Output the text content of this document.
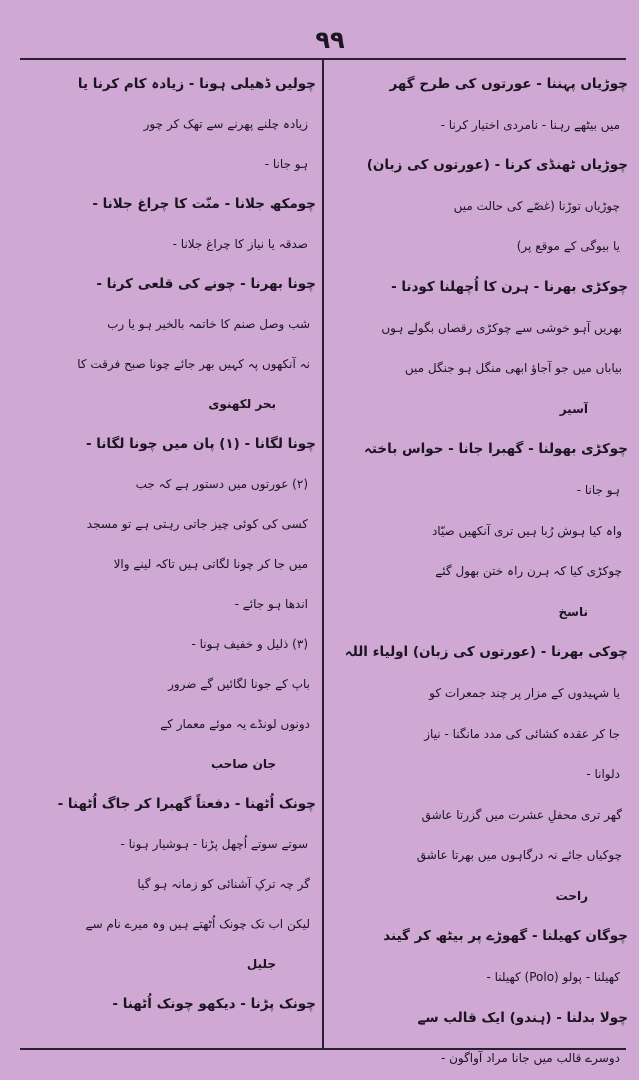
۹۹

چوڑیاں پہننا - عورتوں کی طرح گھر

میں بیٹھے رہنا - نامردی اختیار کرنا -

چوڑیاں ٹھنڈی کرنا - (عورتوں کی زبان)

چوڑیاں توڑنا (غصّے کی حالت میں

یا بیوگی کے موقع پر)

چوکڑی بھرنا - ہرن کا اُچھلنا کودنا -

بھریں آہو خوشی سے چوکڑی رقصاں بگولے ہوں

بیاباں میں جو آجاؤ ابھی منگل ہو جنگل میں

آسیر

چوکڑی بھولنا - گھبرا جانا - حواس باختہ

ہو جانا -

واہ کیا ہوش رُبا ہیں تری آنکھیں صیّاد

چوکڑی کیا کہ ہرن راہ ختن بھول گئے

ناسخ

چوکی بھرنا - (عورتوں کی زبان) اولیاء اللہ

یا شہیدوں کے مزار پر چند جمعرات کو

جا کر عقدہ کشائی کی مدد مانگنا - نیاز

دلوانا -

گھر تری محفلِ عشرت میں گزرتا عاشق

چوکیاں جائے نہ درگاہوں میں بھرتا عاشق

راحت

چوگان کھیلنا - گھوڑے پر بیٹھ کر گیند

کھیلنا - پولو (Polo) کھیلنا -

چولا بدلنا - (ہندو) ایک قالب سے

دوسرے قالب میں جانا مراد آواگون -

چولیں ڈھیلی ہونا - زیادہ کام کرنا یا

زیادہ چلنے پھرنے سے تھک کر چور

ہو جانا -

چومکھ جلانا - منّت کا چراغ جلانا -

صدقہ یا نیاز کا چراغ جلانا -

چونا بھرنا - چونے کی قلعی کرنا -

شب وصل صنم کا خاتمہ بالخیر ہو یا رب

نہ آنکھوں پہ کہیں بھر جائے چونا صبح فرقت کا

بحر لکھنوی

چونا لگانا - (۱) پان میں چونا لگانا -

(۲) عورتوں میں دستور ہے کہ جب

کسی کی کوئی چیز جاتی رہتی ہے تو مسجد

میں جا کر چونا لگاتی ہیں تاکہ لینے والا

اندھا ہو جائے -

(۳) ذلیل و خفیف ہونا -

باپ کے جونا لگائیں گے ضرور

دونوں لونڈے یہ موئے معمار کے

جان صاحب

چونک اُٹھنا - دفعتاً گھبرا کر جاگ اُٹھنا -

سوتے سوتے اُچھل پڑنا - ہوشیار ہونا -

گر چہ ترکِ آشنائی کو زمانہ ہو گیا

لیکن اب تک چونک اُٹھتے ہیں وہ میرے نام سے

جلیل

چونک پڑنا - دیکھو چونک اُٹھنا -
